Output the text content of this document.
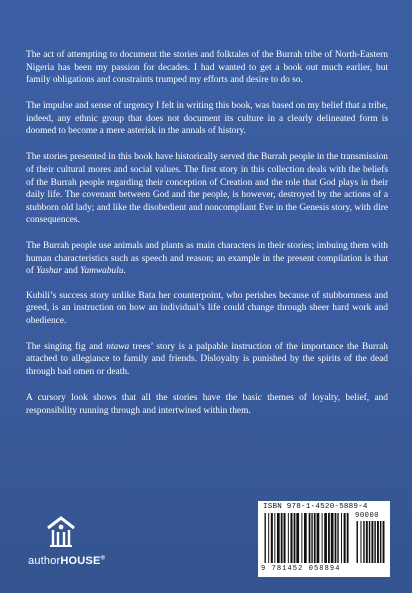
The act of attempting to document the stories and folktales of the Burrah tribe of North-Eastern Nigeria has been my passion for decades. I had wanted to get a book out much earlier, but family obligations and constraints trumped my efforts and desire to do so.

The impulse and sense of urgency I felt in writing this book, was based on my belief that a tribe, indeed, any ethnic group that does not document its culture in a clearly delineated form is doomed to become a mere asterisk in the annals of history.

The stories presented in this book have historically served the Burrah people in the transmission of their cultural mores and social values. The first story in this collection deals with the beliefs of the Burrah people regarding their conception of Creation and the role that God plays in their daily life. The covenant between God and the people, is however, destroyed by the actions of a stubborn old lady; and like the disobedient and noncompliant Eve in the Genesis story, with dire consequences.

The Burrah people use animals and plants as main characters in their stories; imbuing them with human characteristics such as speech and reason; an example in the present compilation is that of Yashar and Yamwabulu.

Kubili’s success story unlike Bata her counterpoint, who perishes because of stubbornness and greed, is an instruction on how an individual’s life could change through sheer hard work and obedience.

The singing fig and ntawa trees’ story is a palpable instruction of the importance the Burrah attached to allegiance to family and friends. Disloyalty is punished by the spirits of the dead through bad omen or death.

A cursory look shows that all the stories have the basic themes of loyalty, belief, and responsibility running through and intertwined within them.

authorHOUSE®
ISBN 978-1-4520-5889-4
90000
9 781452 058894
